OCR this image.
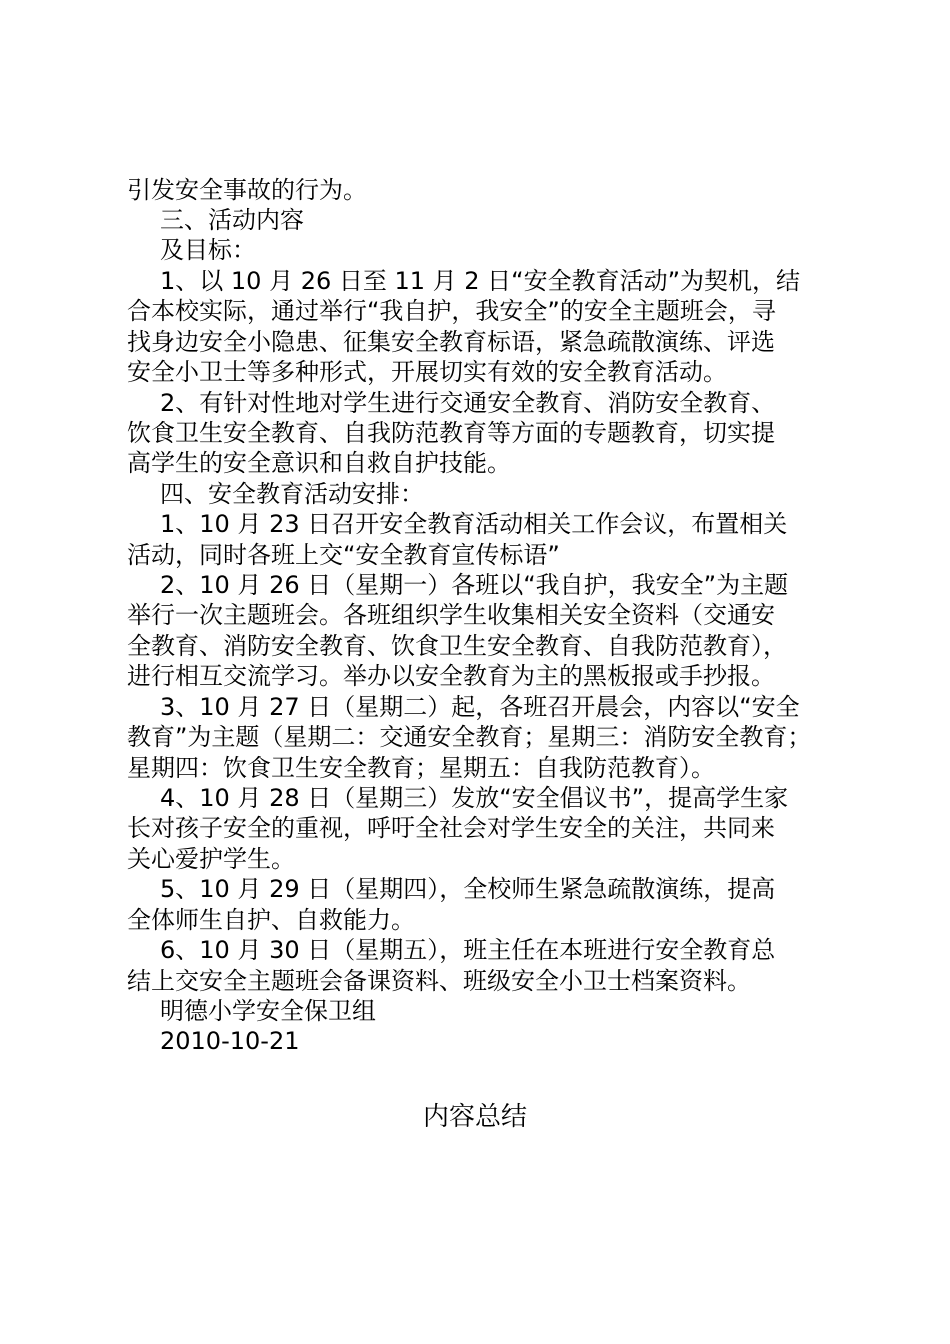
引发安全事故的行为。
三、活动内容
及目标：
1、以 10 月 26 日至 11 月 2 日“安全教育活动”为契机，结
合本校实际，通过举行“我自护，我安全”的安全主题班会，寻
找身边安全小隐患、征集安全教育标语，紧急疏散演练、评选
安全小卫士等多种形式，开展切实有效的安全教育活动。
2、有针对性地对学生进行交通安全教育、消防安全教育、
饮食卫生安全教育、自我防范教育等方面的专题教育，切实提
高学生的安全意识和自救自护技能。
四、安全教育活动安排：
1、10 月 23 日召开安全教育活动相关工作会议，布置相关
活动，同时各班上交“安全教育宣传标语”
2、10 月 26 日（星期一）各班以“我自护，我安全”为主题
举行一次主题班会。各班组织学生收集相关安全资料（交通安
全教育、消防安全教育、饮食卫生安全教育、自我防范教育），
进行相互交流学习。举办以安全教育为主的黑板报或手抄报。
3、10 月 27 日（星期二）起，各班召开晨会，内容以“安全
教育”为主题（星期二：交通安全教育；星期三：消防安全教育；
星期四：饮食卫生安全教育；星期五：自我防范教育）。
4、10 月 28 日（星期三）发放“安全倡议书”，提高学生家
长对孩子安全的重视，呼吁全社会对学生安全的关注，共同来
关心爱护学生。
5、10 月 29 日（星期四），全校师生紧急疏散演练，提高
全体师生自护、自救能力。
6、10 月 30 日（星期五），班主任在本班进行安全教育总
结上交安全主题班会备课资料、班级安全小卫士档案资料。
明德小学安全保卫组
2010-10-21
内容总结
